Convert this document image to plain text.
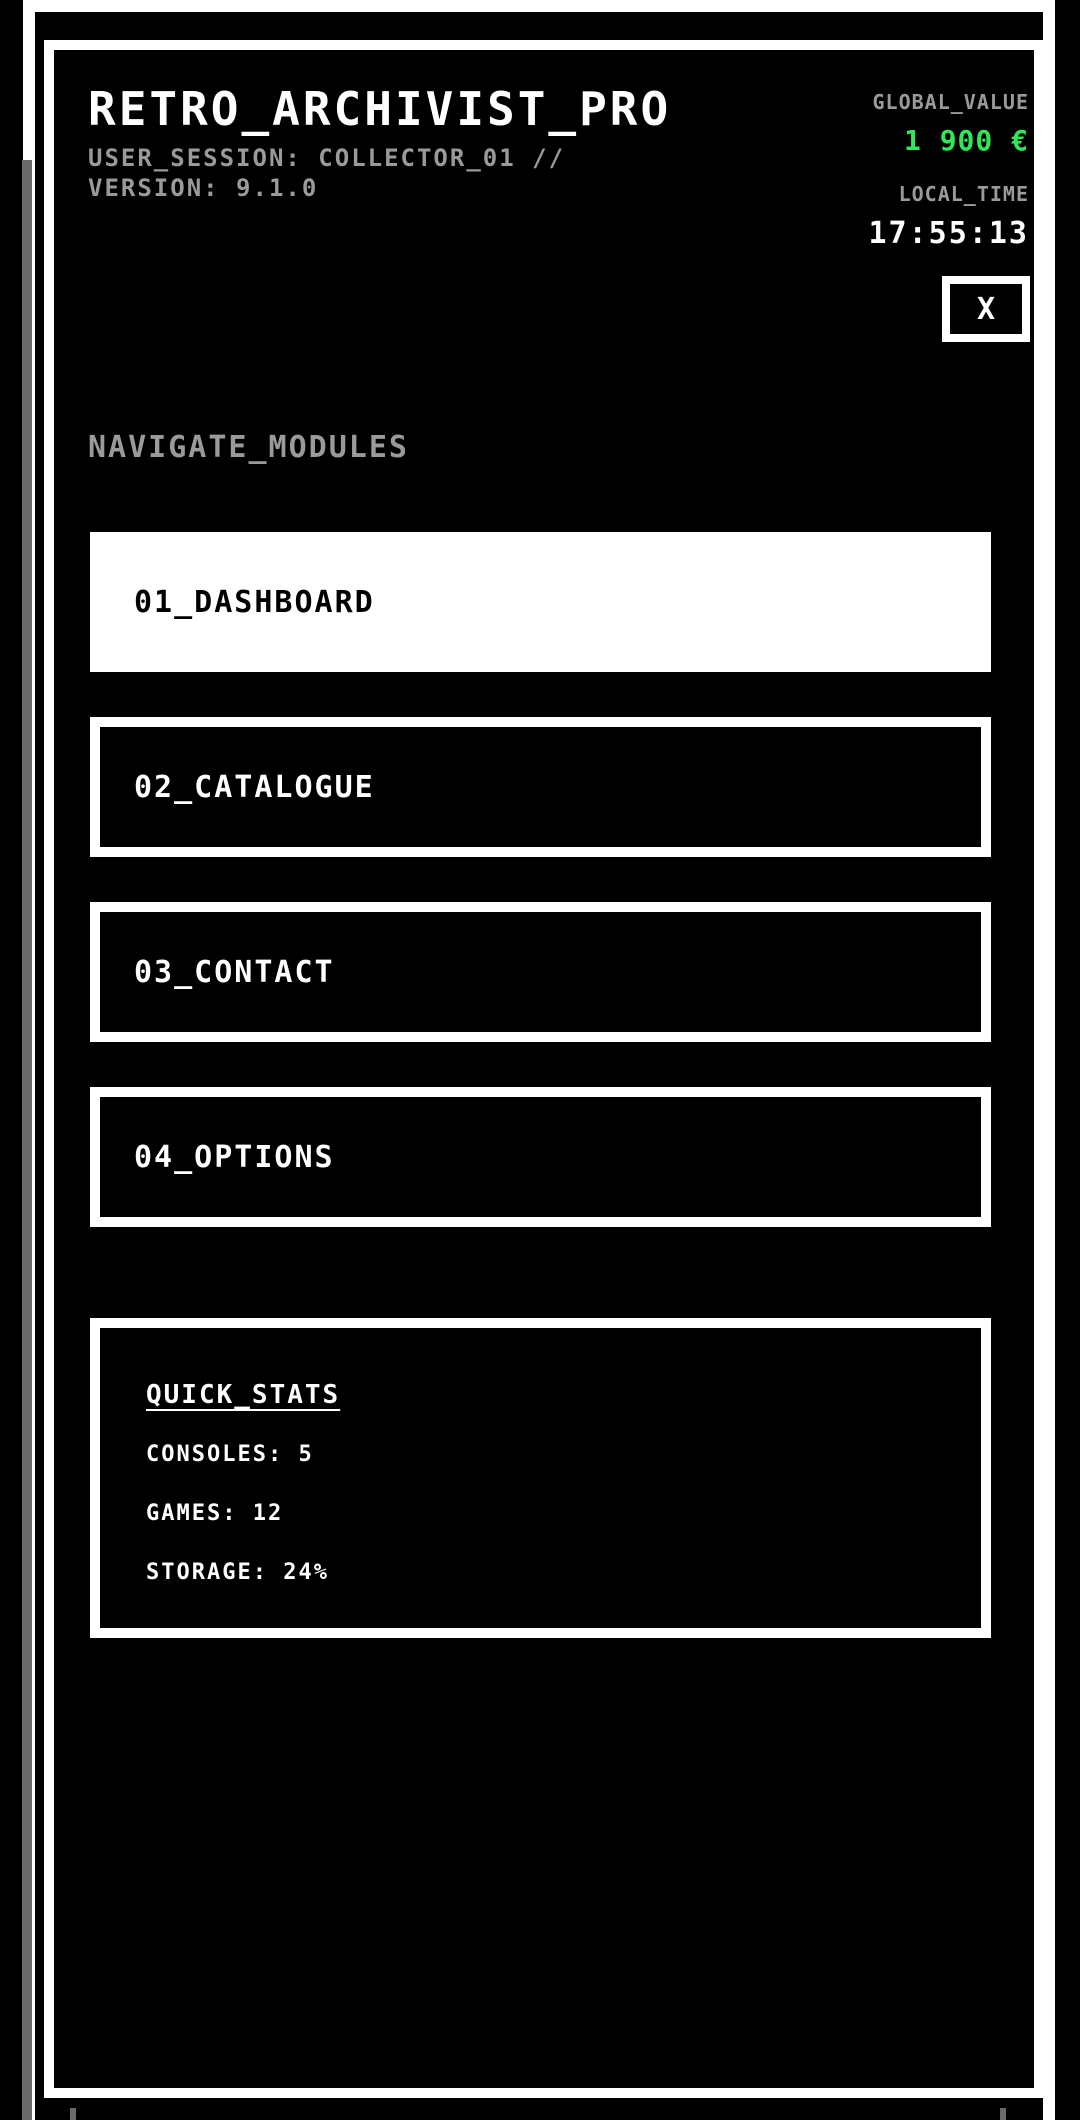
RETRO_ARCHIVIST_PRO
USER_SESSION: COLLECTOR_01 //
VERSION: 9.1.0
GLOBAL_VALUE
1 900 €
LOCAL_TIME
17:55:13
X
NAVIGATE_MODULES
01_DASHBOARD
02_CATALOGUE
03_CONTACT
04_OPTIONS
QUICK_STATS
CONSOLES: 5
GAMES: 12
STORAGE: 24%
